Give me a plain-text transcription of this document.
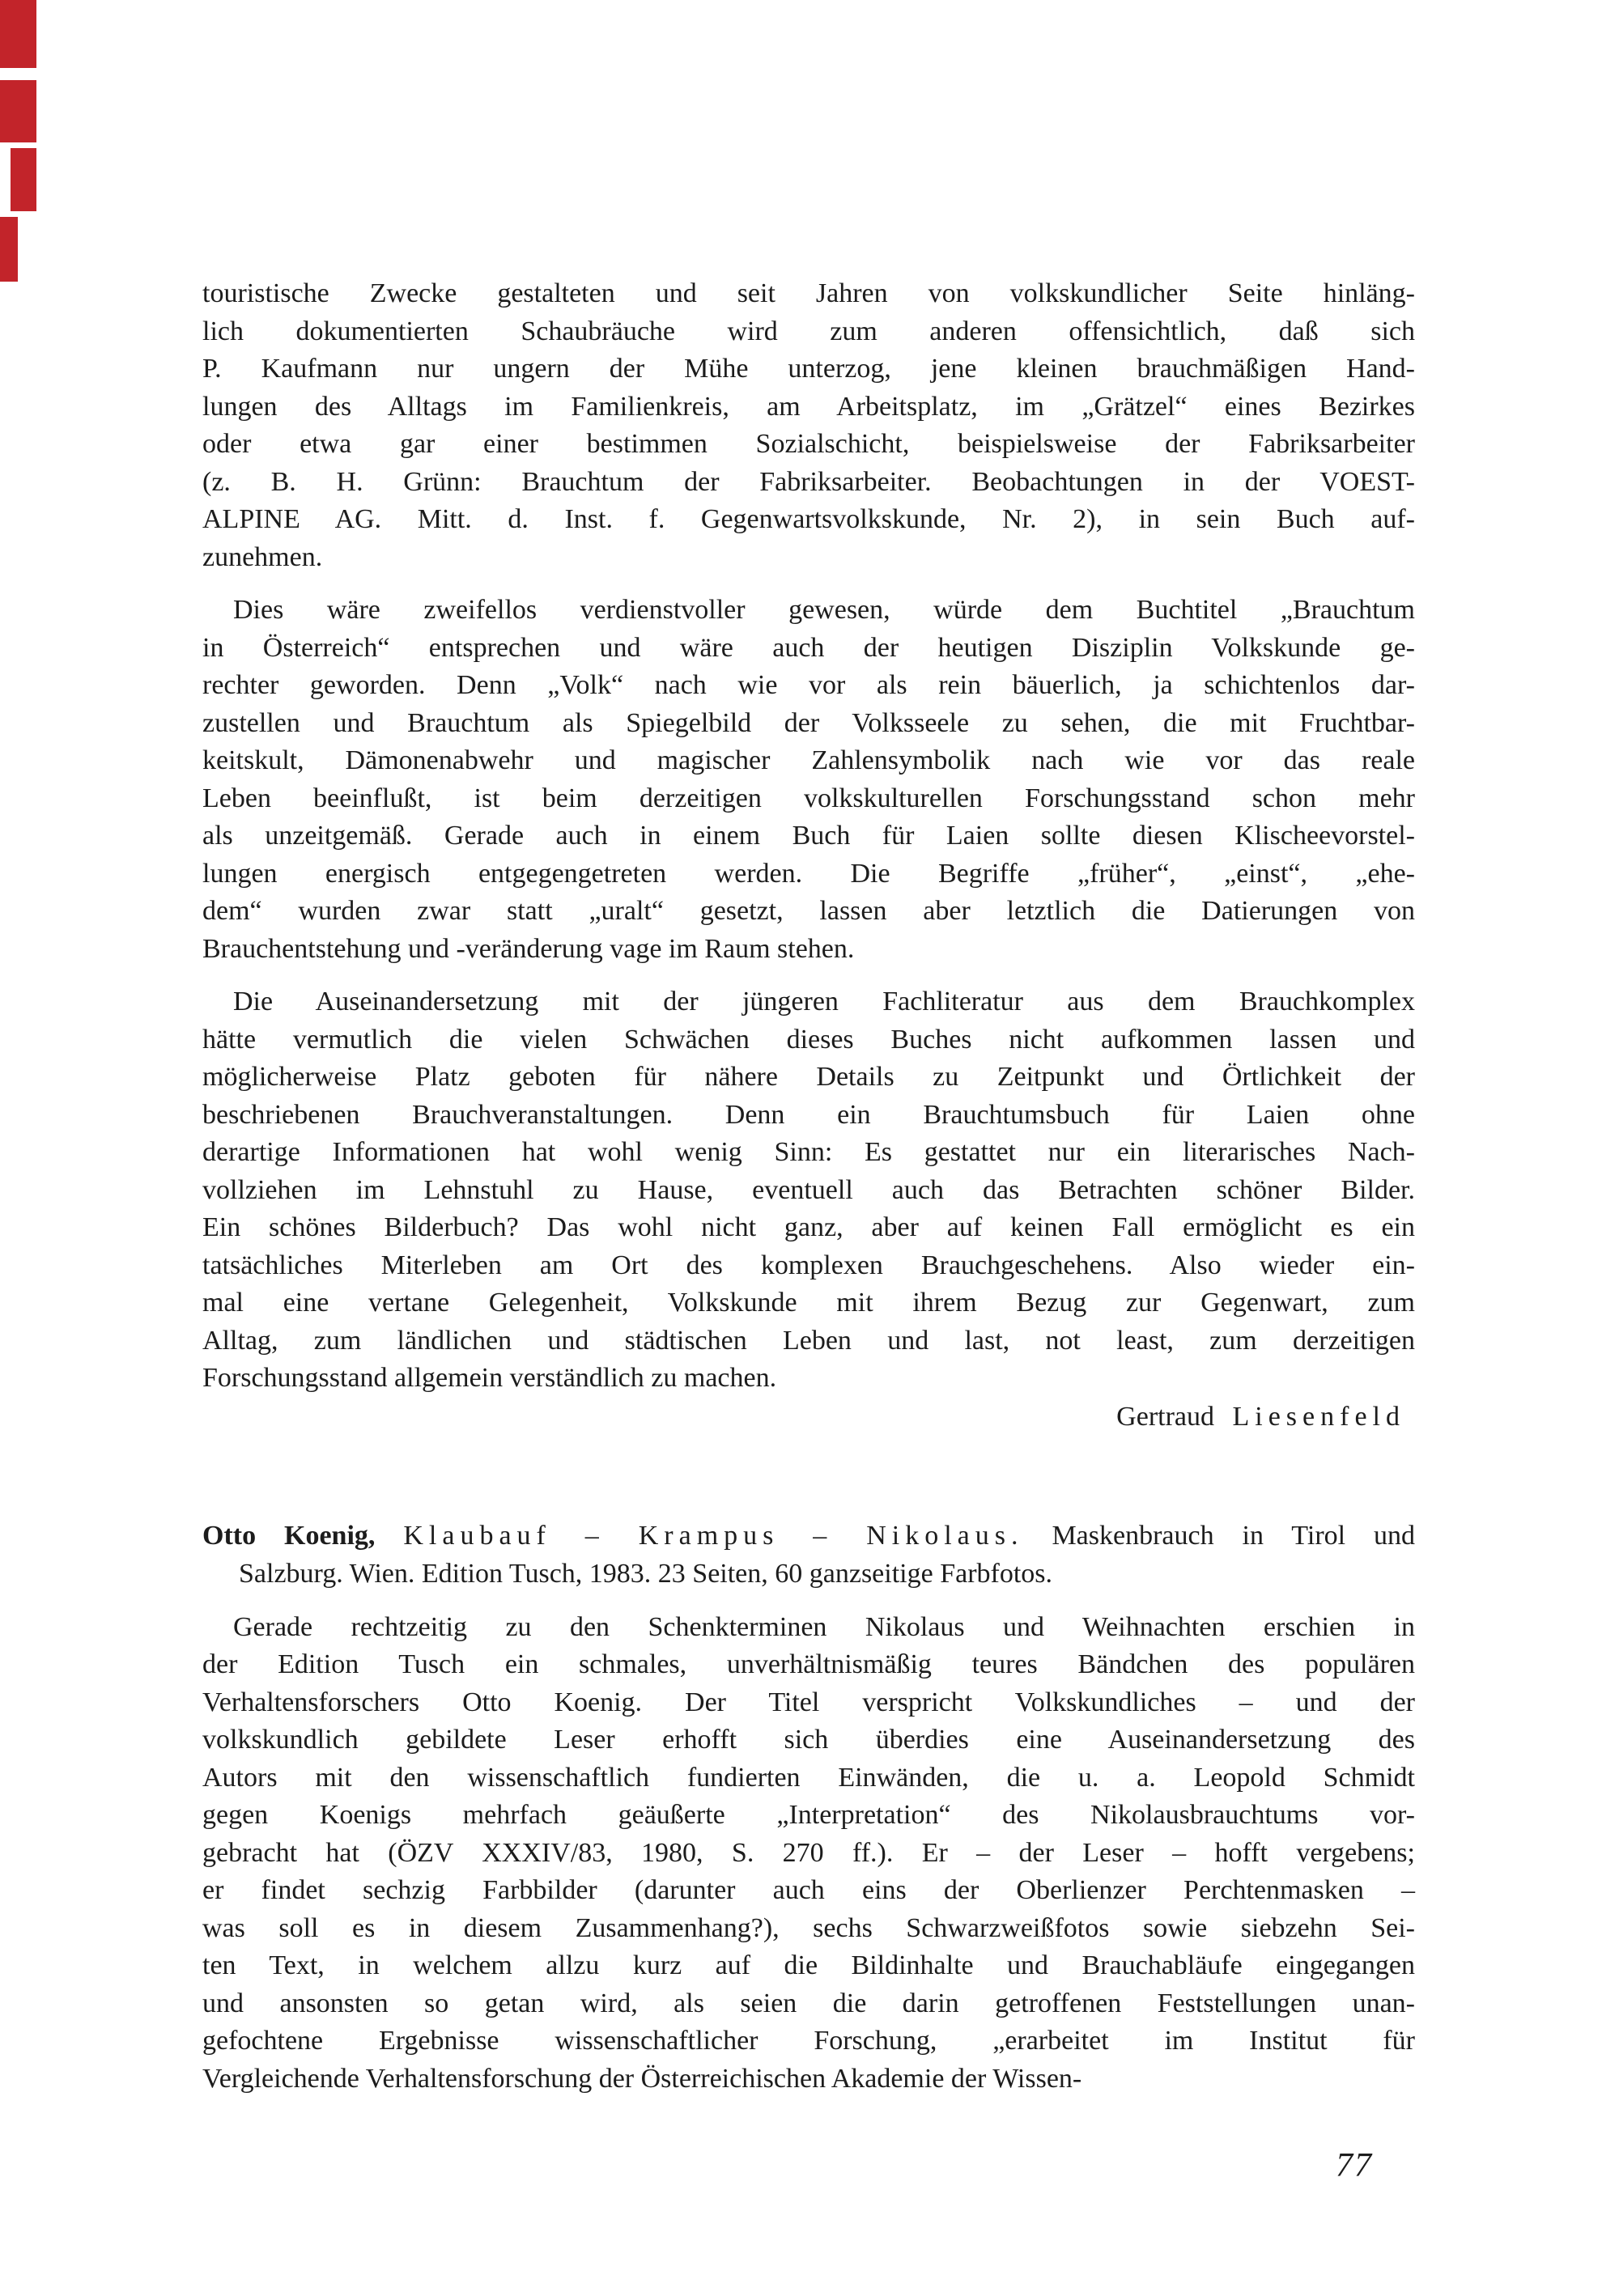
touristische Zwecke gestalteten und seit Jahren von volkskundlicher Seite hinläng-
lich dokumentierten Schaubräuche wird zum anderen offensichtlich, daß sich
P. Kaufmann nur ungern der Mühe unterzog, jene kleinen brauchmäßigen Hand-
lungen des Alltags im Familienkreis, am Arbeitsplatz, im „Grätzel“ eines Bezirkes
oder etwa gar einer bestimmen Sozialschicht, beispielsweise der Fabriksarbeiter
(z. B. H. Grünn: Brauchtum der Fabriksarbeiter. Beobachtungen in der VOEST-
ALPINE AG. Mitt. d. Inst. f. Gegenwartsvolkskunde, Nr. 2), in sein Buch auf-
zunehmen.
Dies wäre zweifellos verdienstvoller gewesen, würde dem Buchtitel „Brauchtum
in Österreich“ entsprechen und wäre auch der heutigen Disziplin Volkskunde ge-
rechter geworden. Denn „Volk“ nach wie vor als rein bäuerlich, ja schichtenlos dar-
zustellen und Brauchtum als Spiegelbild der Volksseele zu sehen, die mit Fruchtbar-
keitskult, Dämonenabwehr und magischer Zahlensymbolik nach wie vor das reale
Leben beeinflußt, ist beim derzeitigen volkskulturellen Forschungsstand schon mehr
als unzeitgemäß. Gerade auch in einem Buch für Laien sollte diesen Klischeevorstel-
lungen energisch entgegengetreten werden. Die Begriffe „früher“, „einst“, „ehe-
dem“ wurden zwar statt „uralt“ gesetzt, lassen aber letztlich die Datierungen von
Brauchentstehung und -veränderung vage im Raum stehen.
Die Auseinandersetzung mit der jüngeren Fachliteratur aus dem Brauchkomplex
hätte vermutlich die vielen Schwächen dieses Buches nicht aufkommen lassen und
möglicherweise Platz geboten für nähere Details zu Zeitpunkt und Örtlichkeit der
beschriebenen Brauchveranstaltungen. Denn ein Brauchtumsbuch für Laien ohne
derartige Informationen hat wohl wenig Sinn: Es gestattet nur ein literarisches Nach-
vollziehen im Lehnstuhl zu Hause, eventuell auch das Betrachten schöner Bilder.
Ein schönes Bilderbuch? Das wohl nicht ganz, aber auf keinen Fall ermöglicht es ein
tatsächliches Miterleben am Ort des komplexen Brauchgeschehens. Also wieder ein-
mal eine vertane Gelegenheit, Volkskunde mit ihrem Bezug zur Gegenwart, zum
Alltag, zum ländlichen und städtischen Leben und last, not least, zum derzeitigen
Forschungsstand allgemein verständlich zu machen.
Gertraud Liesenfeld
Otto Koenig, Klaubauf – Krampus – Nikolaus. Maskenbrauch in Tirol und
Salzburg. Wien. Edition Tusch, 1983. 23 Seiten, 60 ganzseitige Farbfotos.
Gerade rechtzeitig zu den Schenkterminen Nikolaus und Weihnachten erschien in
der Edition Tusch ein schmales, unverhältnismäßig teures Bändchen des populären
Verhaltensforschers Otto Koenig. Der Titel verspricht Volkskundliches – und der
volkskundlich gebildete Leser erhofft sich überdies eine Auseinandersetzung des
Autors mit den wissenschaftlich fundierten Einwänden, die u. a. Leopold Schmidt
gegen Koenigs mehrfach geäußerte „Interpretation“ des Nikolausbrauchtums vor-
gebracht hat (ÖZV XXXIV/83, 1980, S. 270 ff.). Er – der Leser – hofft vergebens;
er findet sechzig Farbbilder (darunter auch eins der Oberlienzer Perchtenmasken –
was soll es in diesem Zusammenhang?), sechs Schwarzweißfotos sowie siebzehn Sei-
ten Text, in welchem allzu kurz auf die Bildinhalte und Brauchabläufe eingegangen
und ansonsten so getan wird, als seien die darin getroffenen Feststellungen unan-
gefochtene Ergebnisse wissenschaftlicher Forschung, „erarbeitet im Institut für
Vergleichende Verhaltensforschung der Österreichischen Akademie der Wissen-
77
